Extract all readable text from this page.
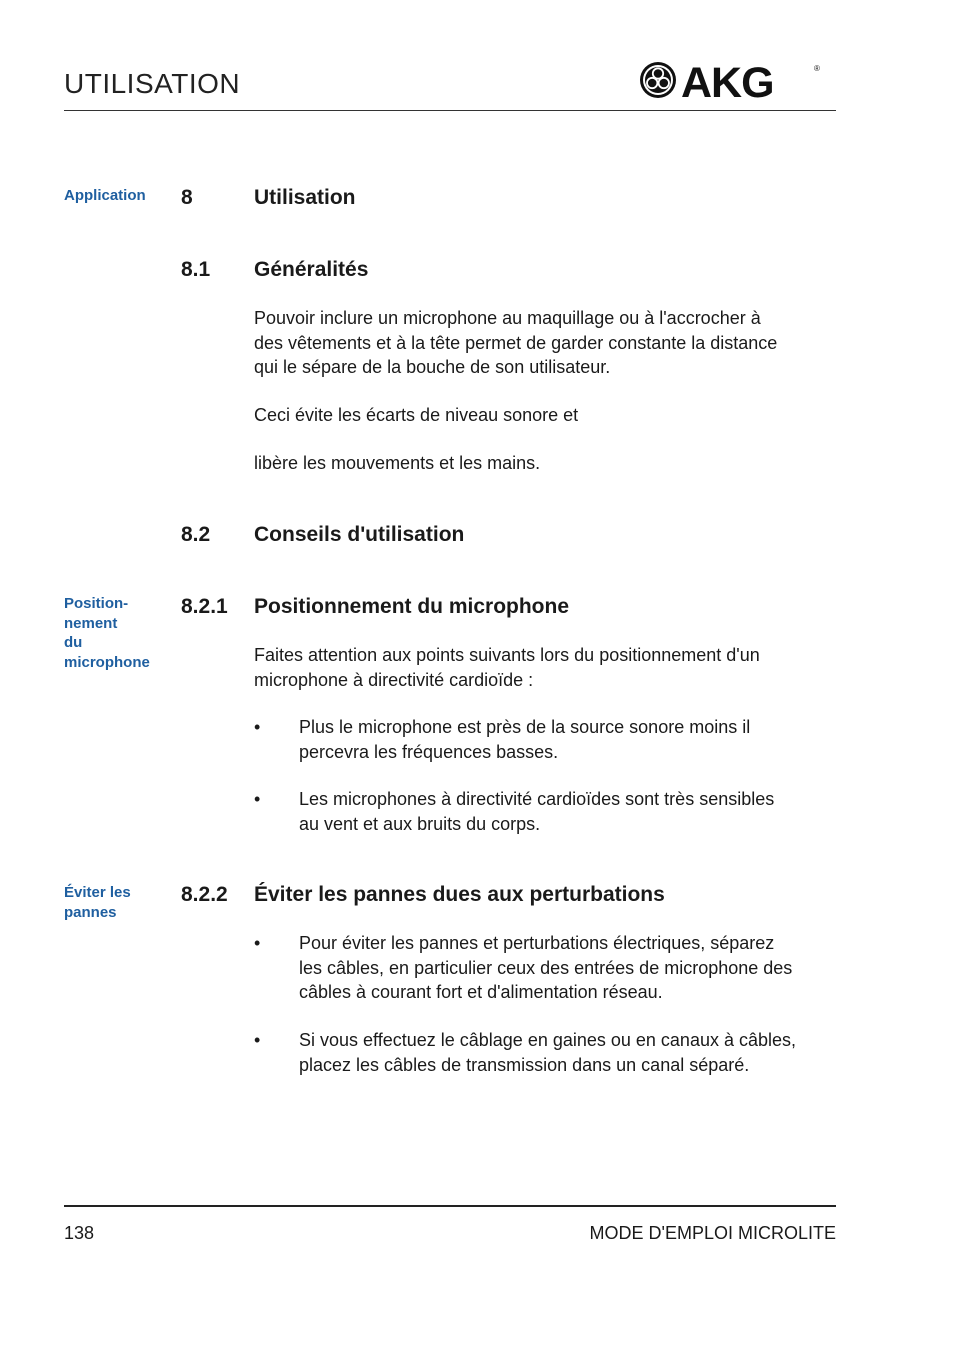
UTILISATION	AKG	®
Application
Position-
nement
du
microphone
Éviter les
pannes
8	Utilisation
8.1 Généralités
Pouvoir inclure un microphone au maquillage ou à l'accrocher à
des vêtements et à la tête permet de garder constante la distance
qui le sépare de la bouche de son utilisateur.
Ceci évite les écarts de niveau sonore et
libère les mouvements et les mains.
8.2 Conseils d'utilisation
8.2.1 Positionnement du microphone
Faites attention aux points suivants lors du positionnement d'un
microphone à directivité cardioïde :
• Plus le microphone est près de la source sonore moins il
percevra les fréquences basses.
• Les microphones à directivité cardioïdes sont très sensibles
au vent et aux bruits du corps.
8.2.2 Éviter les pannes dues aux perturbations
• Pour éviter les pannes et perturbations électriques, séparez
les câbles, en particulier ceux des entrées de microphone des
câbles à courant fort et d'alimentation réseau.
• Si vous effectuez le câblage en gaines ou en canaux à câbles,
placez les câbles de transmission dans un canal séparé.
138	MODE D'EMPLOI MICROLITE
